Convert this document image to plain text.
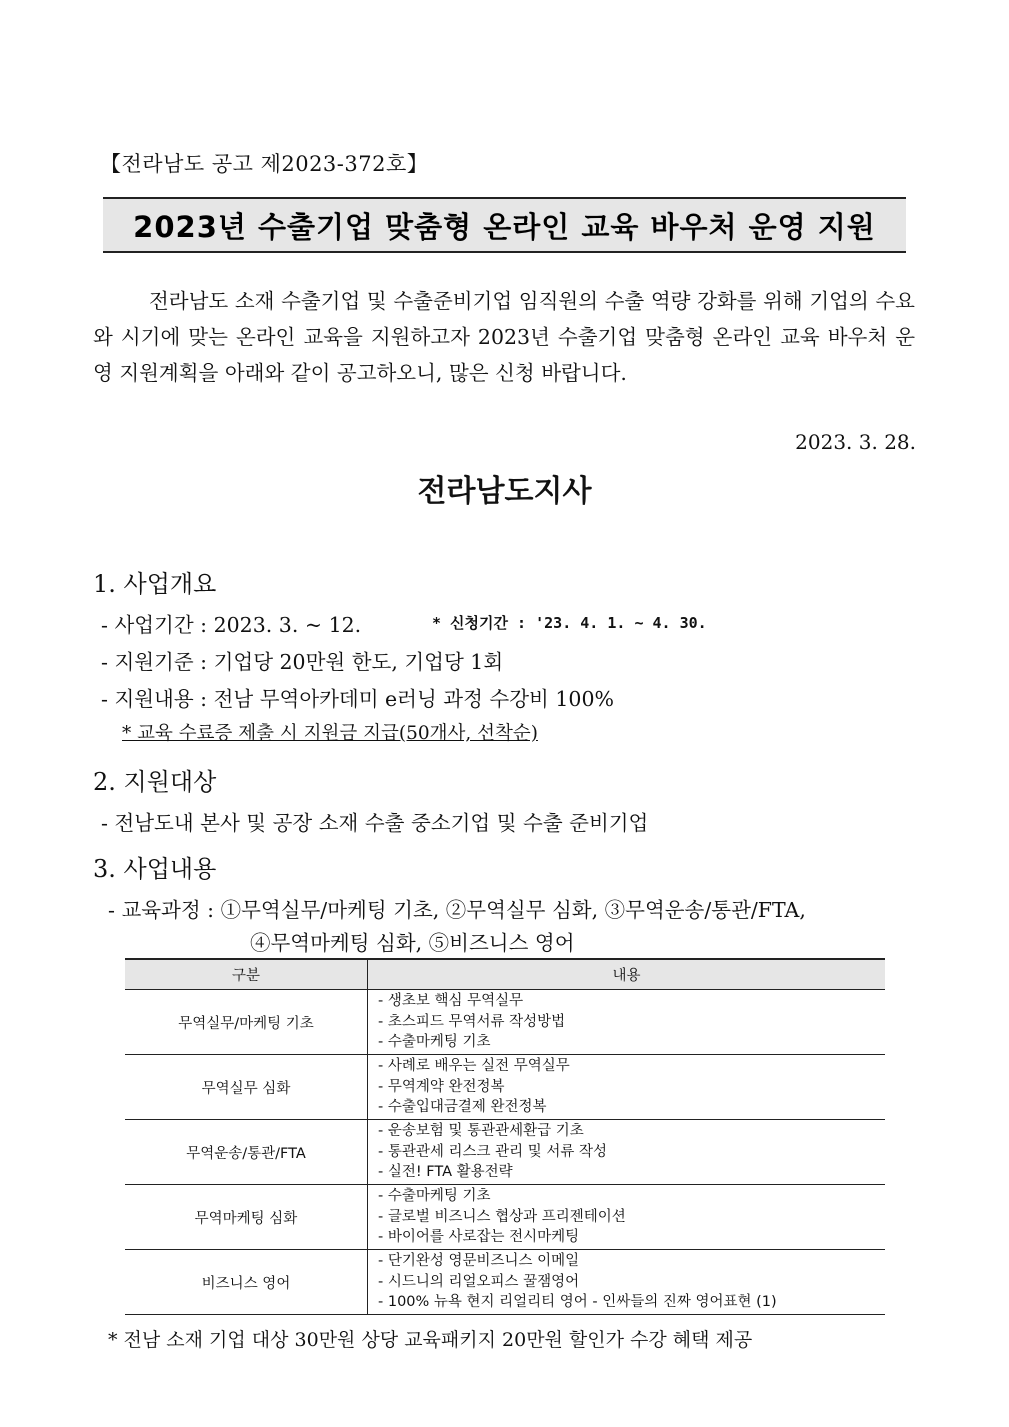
【전라남도 공고 제2023-372호】
2023년 수출기업 맞춤형 온라인 교육 바우처 운영 지원

전라남도 소재 수출기업 및 수출준비기업 임직원의 수출 역량 강화를 위해 기업의 수요와 시기에 맞는 온라인 교육을 지원하고자 2023년 수출기업 맞춤형 온라인 교육 바우처 운영 지원계획을 아래와 같이 공고하오니, 많은 신청 바랍니다.

2023. 3. 28.
전라남도지사
1. 사업개요
- 사업기간 : 2023. 3. ~ 12.	* 신청기간 : '23. 4. 1. ~ 4. 30.
- 지원기준 : 기업당 20만원 한도, 기업당 1회
- 지원내용 : 전남 무역아카데미 e러닝 과정 수강비 100%
* 교육 수료증 제출 시 지원금 지급(50개사, 선착순)
2. 지원대상
- 전남도내 본사 및 공장 소재 수출 중소기업 및 수출 준비기업
3. 사업내용
- 교육과정 : ①무역실무/마케팅 기초, ②무역실무 심화, ③무역운송/통관/FTA,
④무역마케팅 심화, ⑤비즈니스 영어
구분	내용
무역실무/마케팅 기초	- 생초보 핵심 무역실무
- 초스피드 무역서류 작성방법
- 수출마케팅 기초

무역실무 심화	- 사례로 배우는 실전 무역실무
- 무역계약 완전정복
- 수출입대금결제 완전정복

무역운송/통관/FTA	- 운송보험 및 통관관세환급 기초
- 통관관세 리스크 관리 및 서류 작성
- 실전! FTA 활용전략

무역마케팅 심화	- 수출마케팅 기초
- 글로벌 비즈니스 협상과 프리젠테이션
- 바이어를 사로잡는 전시마케팅

비즈니스 영어	- 단기완성 영문비즈니스 이메일
- 시드니의 리얼오피스 꿀잼영어
- 100% 뉴욕 현지 리얼리티 영어 - 인싸들의 진짜 영어표현 (1)
* 전남 소재 기업 대상 30만원 상당 교육패키지 20만원 할인가 수강 혜택 제공
